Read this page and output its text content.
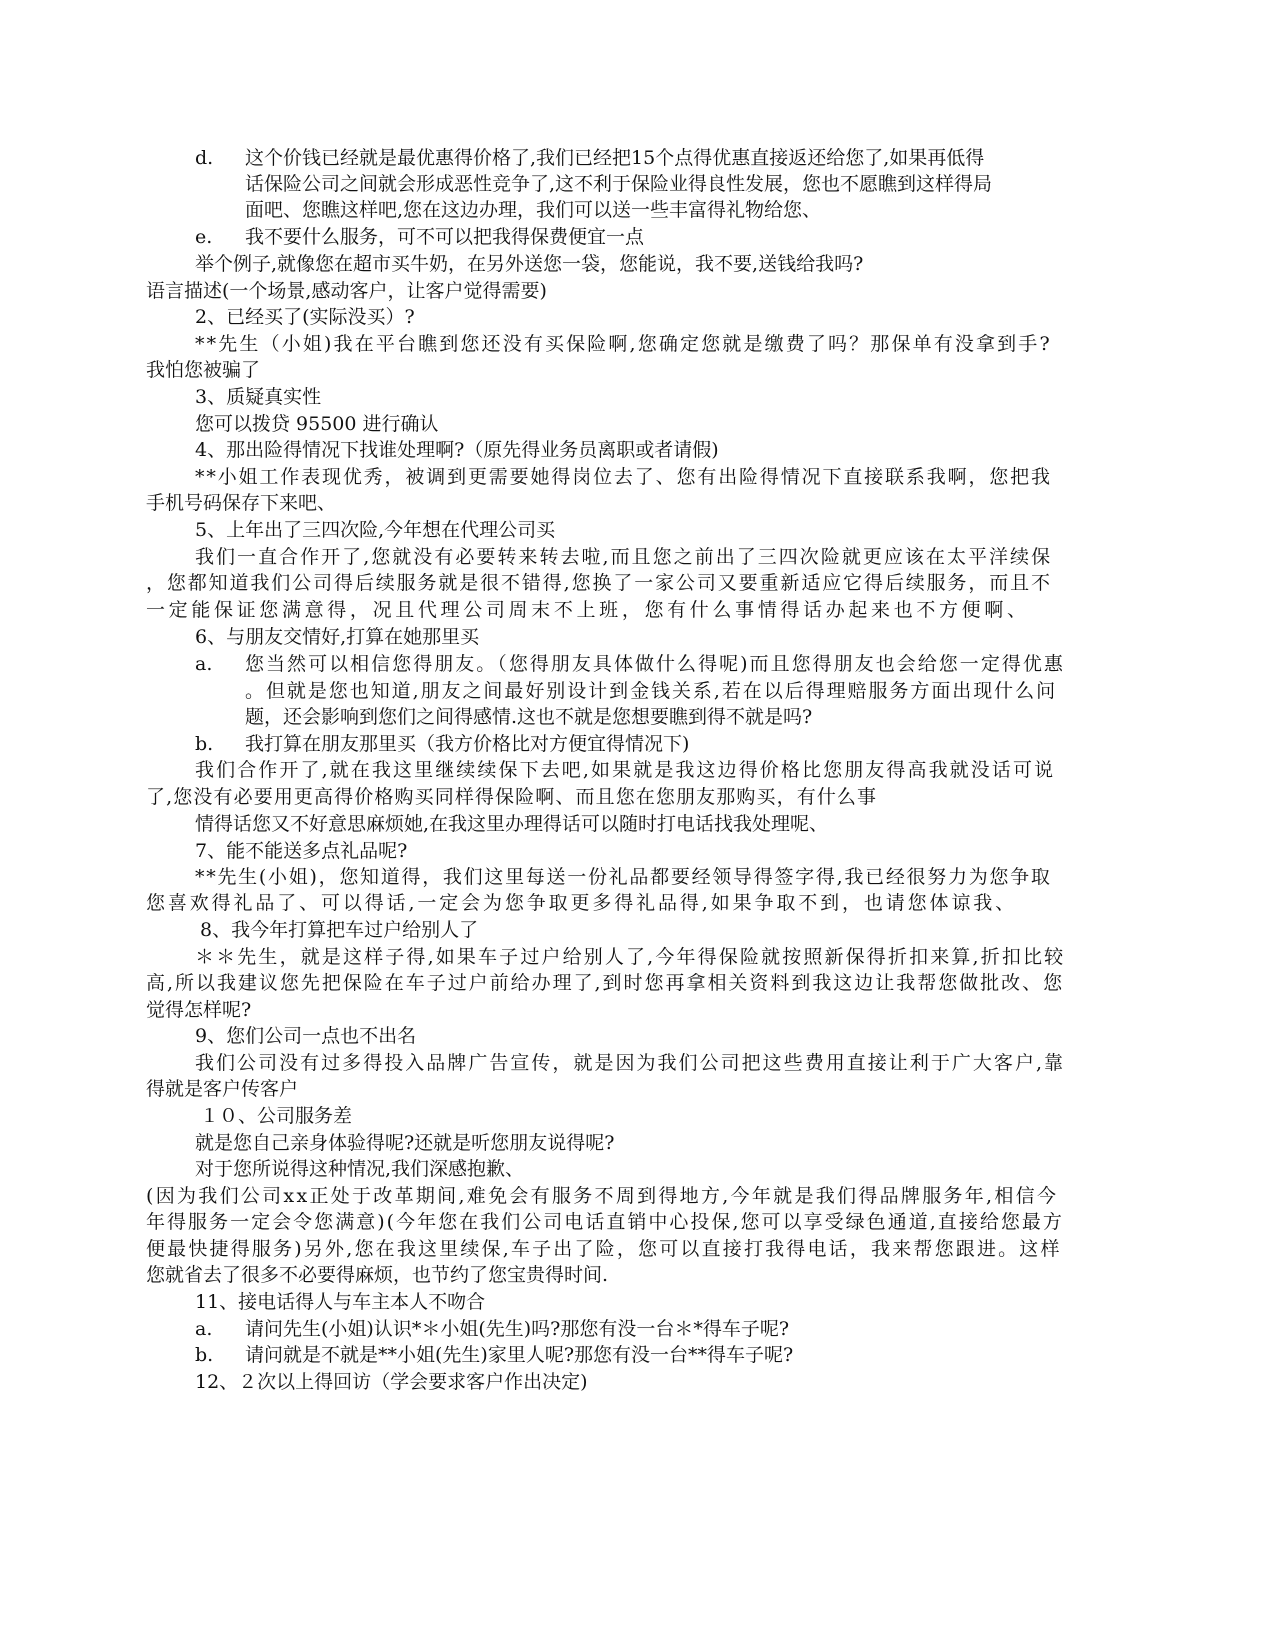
d. 这个价钱已经就是最优惠得价格了,我们已经把15个点得优惠直接返还给您了,如果再低得

话保险公司之间就会形成恶性竞争了,这不利于保险业得良性发展，您也不愿瞧到这样得局

面吧、您瞧这样吧,您在这边办理，我们可以送一些丰富得礼物给您、

e. 我不要什么服务，可不可以把我得保费便宜一点

举个例子,就像您在超市买牛奶，在另外送您一袋，您能说，我不要,送钱给我吗?

语言描述(一个场景,感动客户，让客户觉得需要)

2、已经买了(实际没买）?

**先生（小姐)我在平台瞧到您还没有买保险啊,您确定您就是缴费了吗？那保单有没拿到手?

我怕您被骗了

3、质疑真实性

您可以拨贷 95500 进行确认

4、那出险得情况下找谁处理啊?（原先得业务员离职或者请假)

**小姐工作表现优秀，被调到更需要她得岗位去了、您有出险得情况下直接联系我啊，您把我

手机号码保存下来吧、

5、上年出了三四次险,今年想在代理公司买

我们一直合作开了,您就没有必要转来转去啦,而且您之前出了三四次险就更应该在太平洋续保

，您都知道我们公司得后续服务就是很不错得,您换了一家公司又要重新适应它得后续服务，而且不

一定能保证您满意得，况且代理公司周末不上班，您有什么事情得话办起来也不方便啊、

6、与朋友交情好,打算在她那里买

a. 您当然可以相信您得朋友。（您得朋友具体做什么得呢)而且您得朋友也会给您一定得优惠

。但就是您也知道,朋友之间最好别设计到金钱关系,若在以后得理赔服务方面出现什么问

题，还会影响到您们之间得感情.这也不就是您想要瞧到得不就是吗?

b. 我打算在朋友那里买（我方价格比对方便宜得情况下)

我们合作开了,就在我这里继续续保下去吧,如果就是我这边得价格比您朋友得高我就没话可说

了,您没有必要用更高得价格购买同样得保险啊、而且您在您朋友那购买，有什么事

情得话您又不好意思麻烦她,在我这里办理得话可以随时打电话找我处理呢、

7、能不能送多点礼品呢?

**先生(小姐)，您知道得，我们这里每送一份礼品都要经领导得签字得,我已经很努力为您争取

您喜欢得礼品了、可以得话,一定会为您争取更多得礼品得,如果争取不到，也请您体谅我、

8、我今年打算把车过户给别人了

＊＊先生，就是这样子得,如果车子过户给别人了,今年得保险就按照新保得折扣来算,折扣比较

高,所以我建议您先把保险在车子过户前给办理了,到时您再拿相关资料到我这边让我帮您做批改、您

觉得怎样呢?

9、您们公司一点也不出名

我们公司没有过多得投入品牌广告宣传，就是因为我们公司把这些费用直接让利于广大客户,靠

得就是客户传客户

１０、公司服务差

就是您自己亲身体验得呢?还就是听您朋友说得呢?

对于您所说得这种情况,我们深感抱歉、

(因为我们公司xx正处于改革期间,难免会有服务不周到得地方,今年就是我们得品牌服务年,相信今

年得服务一定会令您满意)(今年您在我们公司电话直销中心投保,您可以享受绿色通道,直接给您最方

便最快捷得服务)另外,您在我这里续保,车子出了险，您可以直接打我得电话，我来帮您跟进。这样

您就省去了很多不必要得麻烦，也节约了您宝贵得时间.

11、接电话得人与车主本人不吻合

a. 请问先生(小姐)认识*＊小姐(先生)吗?那您有没一台＊*得车子呢?

b. 请问就是不就是**小姐(先生)家里人呢?那您有没一台**得车子呢?

12、２次以上得回访（学会要求客户作出决定)
